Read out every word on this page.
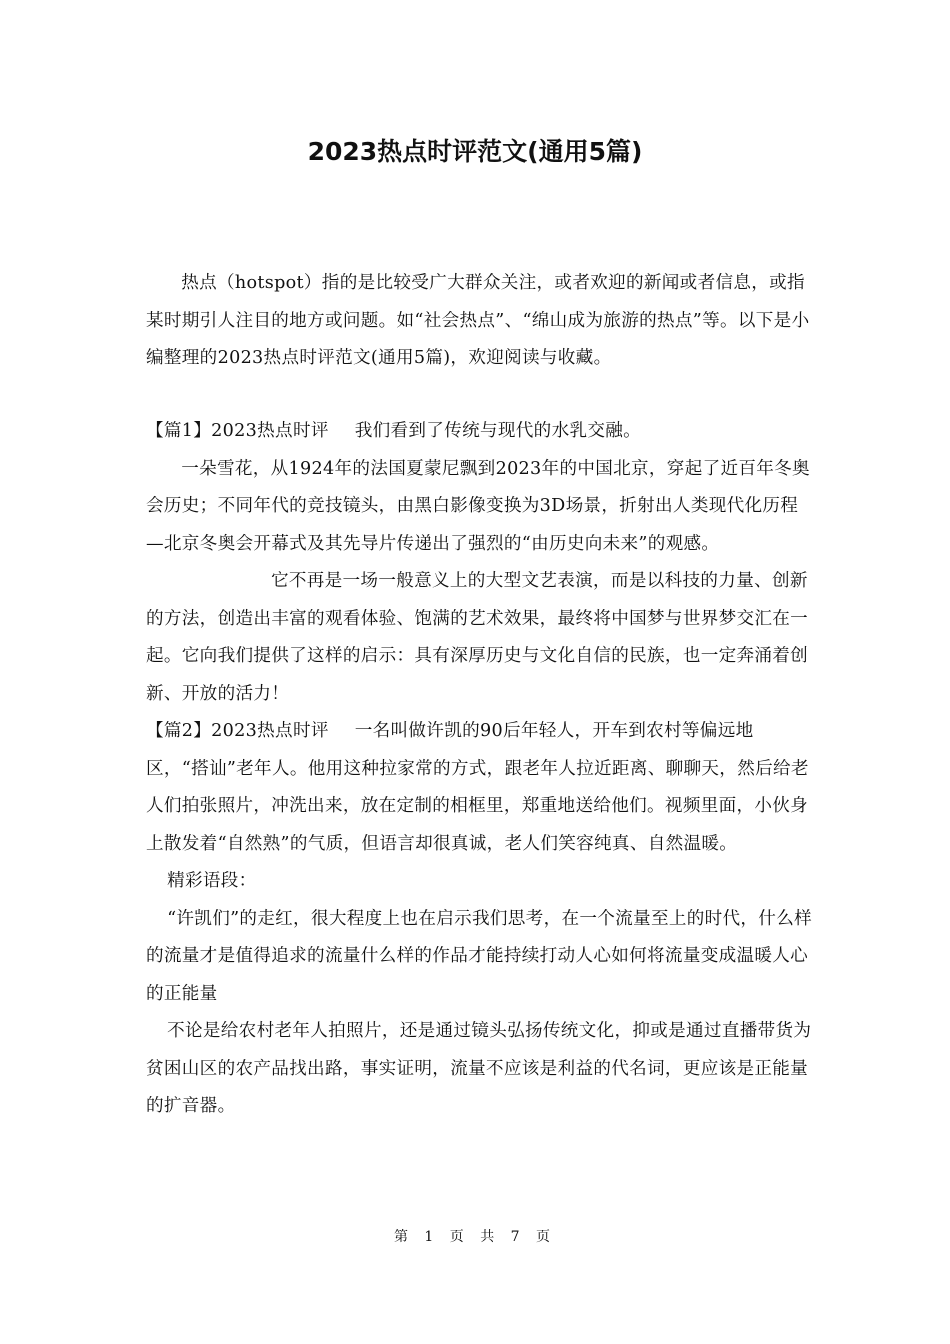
2023热点时评范文(通用5篇)

热点（hotspot）指的是比较受广大群众关注，或者欢迎的新闻或者信息，或指某时期引人注目的地方或问题。如“社会热点”、“绵山成为旅游的热点”等。以下是小编整理的2023热点时评范文(通用5篇)，欢迎阅读与收藏。

【篇1】2023热点时评 我们看到了传统与现代的水乳交融。

一朵雪花，从1924年的法国夏蒙尼飘到2023年的中国北京，穿起了近百年冬奥会历史；不同年代的竞技镜头，由黑白影像变换为3D场景，折射出人类现代化历程—北京冬奥会开幕式及其先导片传递出了强烈的“由历史向未来”的观感。

它不再是一场一般意义上的大型文艺表演，而是以科技的力量、创新的方法，创造出丰富的观看体验、饱满的艺术效果，最终将中国梦与世界梦交汇在一起。它向我们提供了这样的启示：具有深厚历史与文化自信的民族，也一定奔涌着创新、开放的活力！

【篇2】2023热点时评 一名叫做许凯的90后年轻人，开车到农村等偏远地区，“搭讪”老年人。他用这种拉家常的方式，跟老年人拉近距离、聊聊天，然后给老人们拍张照片，冲洗出来，放在定制的相框里，郑重地送给他们。视频里面，小伙身上散发着“自然熟”的气质，但语言却很真诚，老人们笑容纯真、自然温暖。

精彩语段：

“许凯们”的走红，很大程度上也在启示我们思考，在一个流量至上的时代，什么样的流量才是值得追求的流量什么样的作品才能持续打动人心如何将流量变成温暖人心的正能量

不论是给农村老年人拍照片，还是通过镜头弘扬传统文化，抑或是通过直播带货为贫困山区的农产品找出路，事实证明，流量不应该是利益的代名词，更应该是正能量的扩音器。

第 1 页 共 7 页
